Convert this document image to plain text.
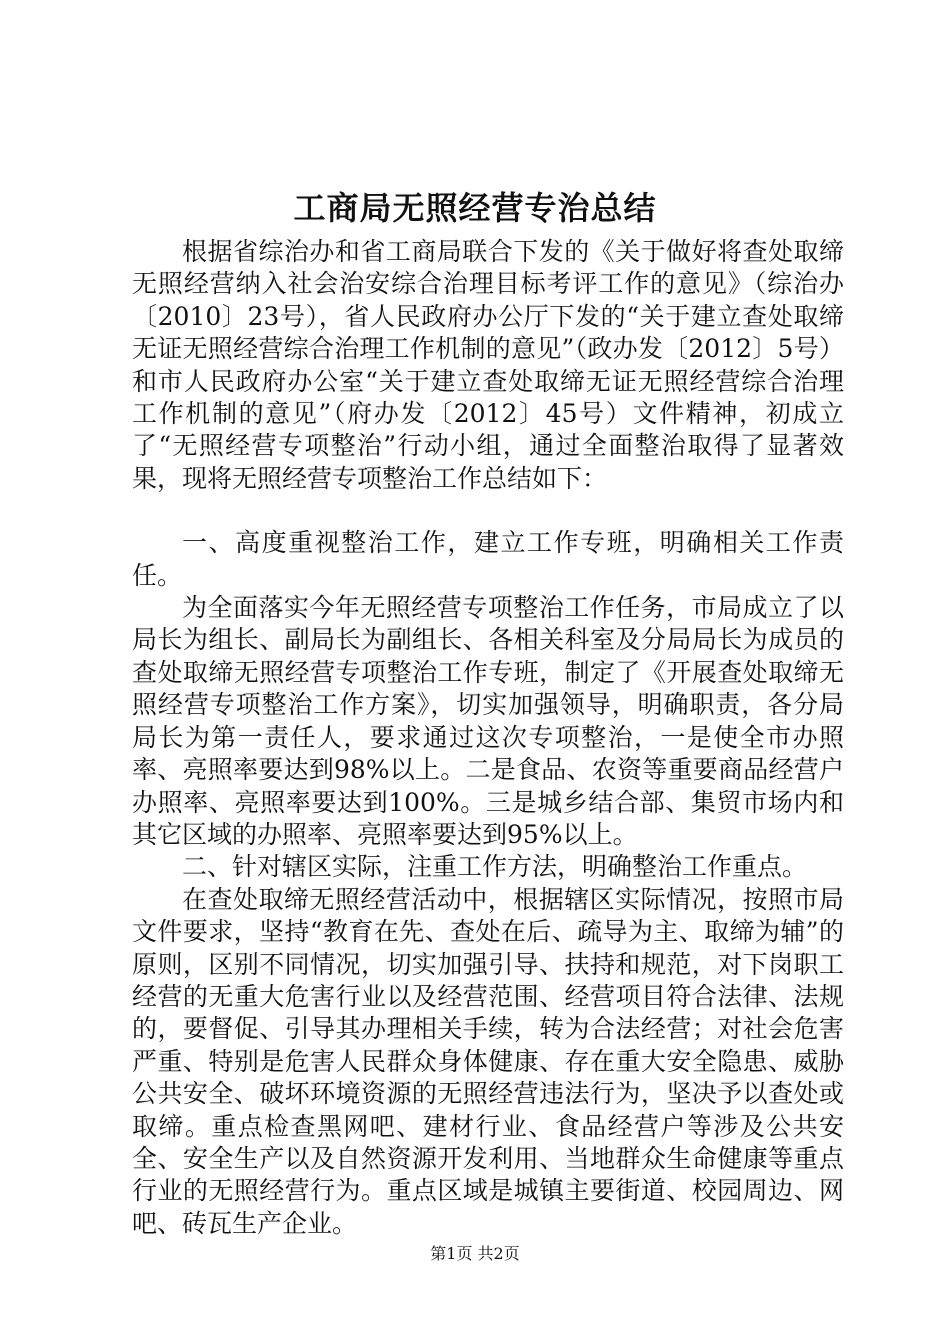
工商局无照经营专治总结

根据省综治办和省工商局联合下发的《关于做好将查处取缔无照经营纳入社会治安综合治理目标考评工作的意见》（综治办〔2010〕23号），省人民政府办公厅下发的“关于建立查处取缔无证无照经营综合治理工作机制的意见”（政办发〔2012〕5号）和市人民政府办公室“关于建立查处取缔无证无照经营综合治理工作机制的意见”（府办发〔2012〕45号）文件精神，初成立了“无照经营专项整治”行动小组，通过全面整治取得了显著效果，现将无照经营专项整治工作总结如下：

一、高度重视整治工作，建立工作专班，明确相关工作责任。

为全面落实今年无照经营专项整治工作任务，市局成立了以局长为组长、副局长为副组长、各相关科室及分局局长为成员的查处取缔无照经营专项整治工作专班，制定了《开展查处取缔无照经营专项整治工作方案》，切实加强领导，明确职责，各分局局长为第一责任人，要求通过这次专项整治，一是使全市办照率、亮照率要达到98%以上。二是食品、农资等重要商品经营户办照率、亮照率要达到100%。三是城乡结合部、集贸市场内和其它区域的办照率、亮照率要达到95%以上。

二、针对辖区实际，注重工作方法，明确整治工作重点。

在查处取缔无照经营活动中，根据辖区实际情况，按照市局文件要求，坚持“教育在先、查处在后、疏导为主、取缔为辅”的原则，区别不同情况，切实加强引导、扶持和规范，对下岗职工经营的无重大危害行业以及经营范围、经营项目符合法律、法规的，要督促、引导其办理相关手续，转为合法经营；对社会危害严重、特别是危害人民群众身体健康、存在重大安全隐患、威胁公共安全、破坏环境资源的无照经营违法行为，坚决予以查处或取缔。重点检查黑网吧、建材行业、食品经营户等涉及公共安全、安全生产以及自然资源开发利用、当地群众生命健康等重点行业的无照经营行为。重点区域是城镇主要街道、校园周边、网吧、砖瓦生产企业。

第1页 共2页
